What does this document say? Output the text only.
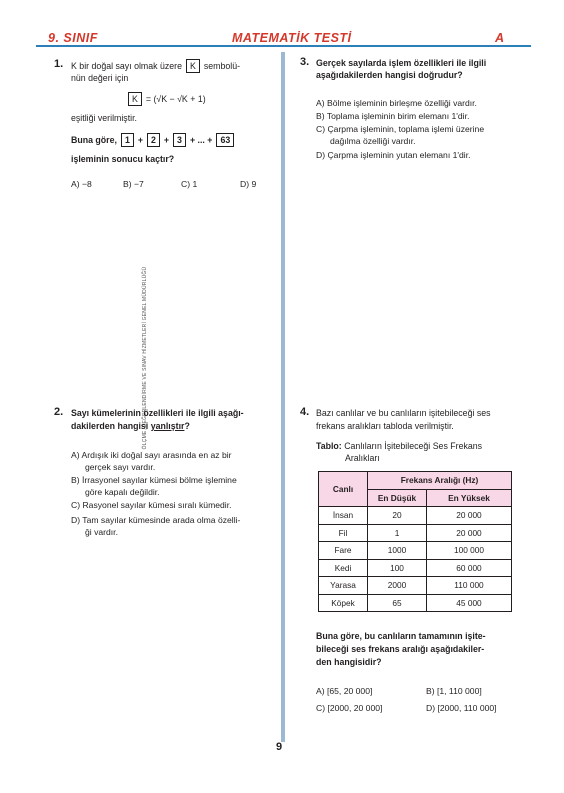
9. SINIF	MATEMATİK TESTİ	A
ÖLÇME, DEĞERLENDİRME VE SINAV HİZMETLERİ GENEL MÜDÜRLÜĞÜ
1. K bir doğal sayı olmak üzere K sembolü-
nün değeri için
K = (√K − √K + 1)
eşitliği verilmiştir.
Buna göre, 1 + 2 + 3 + ... + 63
işleminin sonucu kaçtır?
A) −8	B) −7	C) 1	D) 9
2. Sayı kümelerinin özellikleri ile ilgili aşağı-
dakilerden hangisi yanlıştır?
A) Ardışık iki doğal sayı arasında en az bir
gerçek sayı vardır.
B) İrrasyonel sayılar kümesi bölme işlemine
göre kapalı değildir.
C) Rasyonel sayılar kümesi sıralı kümedir.
D) Tam sayılar kümesinde arada olma özelli-
ği vardır.
3. Gerçek sayılarda işlem özellikleri ile ilgili
aşağıdakilerden hangisi doğrudur?
A) Bölme işleminin birleşme özelliği vardır.
B) Toplama işleminin birim elemanı 1'dir.
C) Çarpma işleminin, toplama işlemi üzerine
dağılma özelliği vardır.
D) Çarpma işleminin yutan elemanı 1'dir.
4. Bazı canlılar ve bu canlıların işitebileceği ses
frekans aralıkları tabloda verilmiştir.
Tablo: Canlıların İşitebileceği Ses Frekans
Aralıkları
Canlı	Frekans Aralığı (Hz)	
	En Düşük	En Yüksek
İnsan	20	20 000
Fil	1	20 000
Fare	1000	100 000
Kedi	100	60 000
Yarasa	2000	110 000
Köpek	65	45 000
Buna göre, bu canlıların tamamının işite-
bileceği ses frekans aralığı aşağıdakiler-
den hangisidir?
A) [65, 20 000]	B) [1, 110 000]
C) [2000, 20 000]	D) [2000, 110 000]
9
